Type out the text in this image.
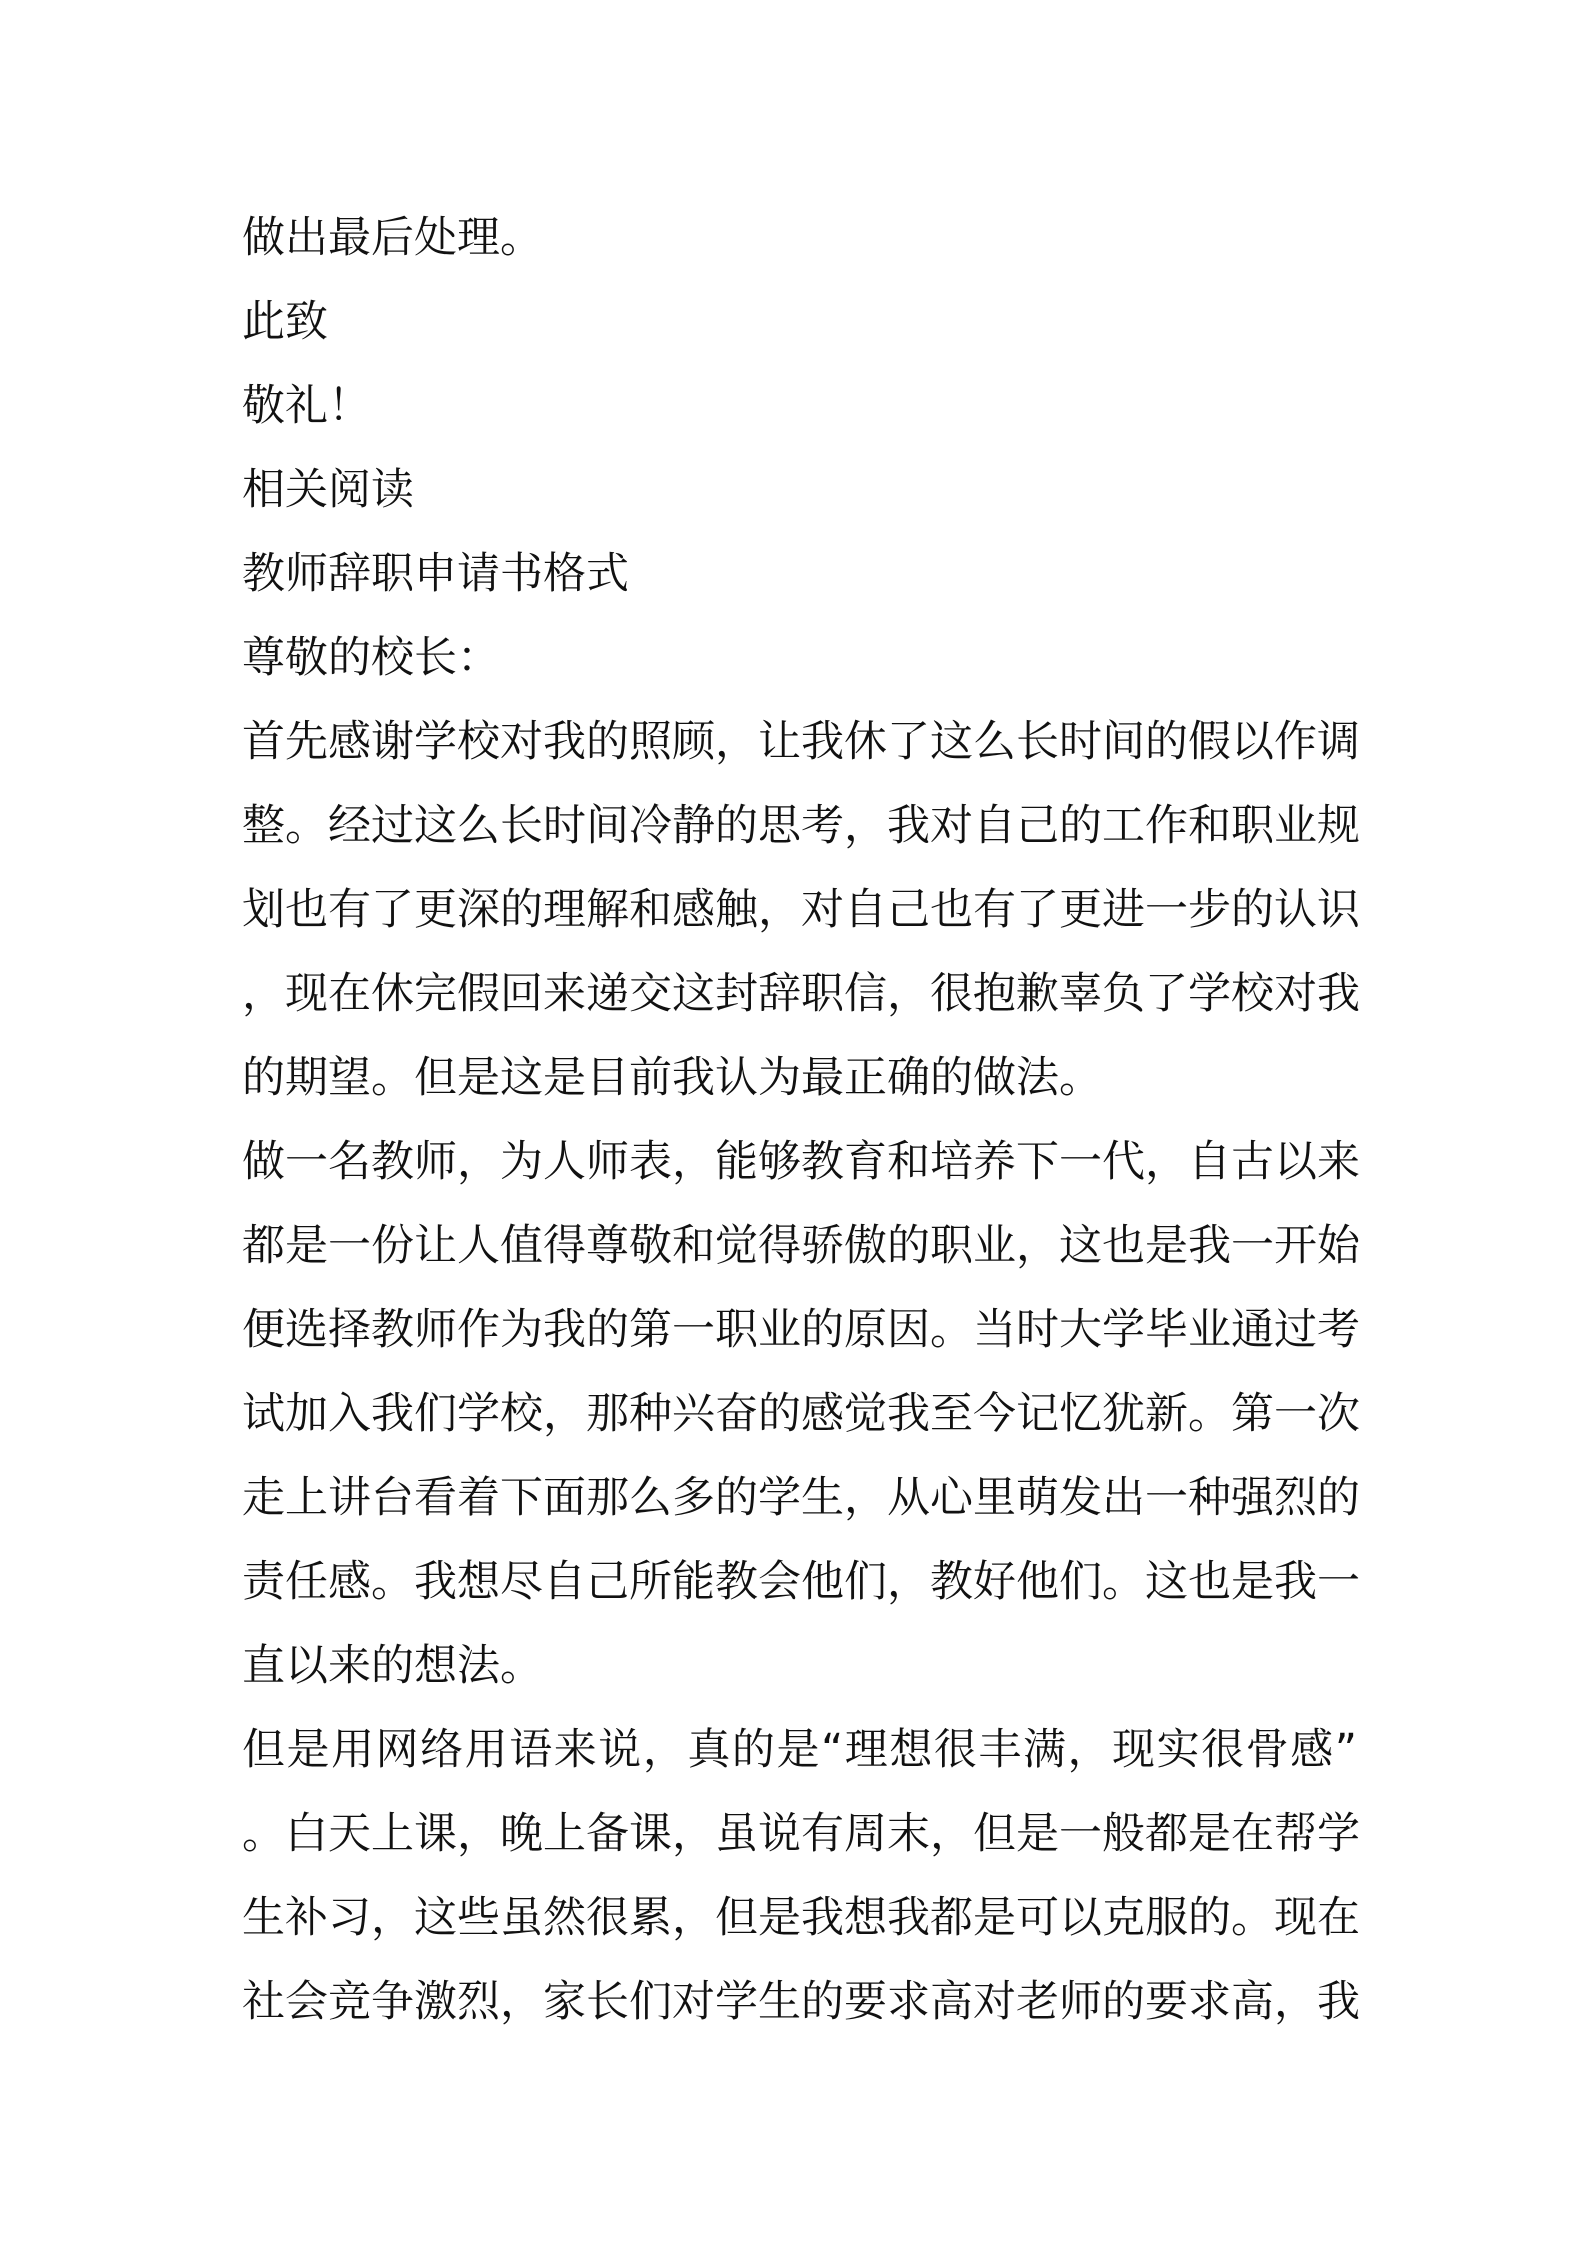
做出最后处理。

此致

敬礼！

相关阅读

教师辞职申请书格式

尊敬的校长：

首先感谢学校对我的照顾，让我休了这么长时间的假以作调

整。经过这么长时间冷静的思考，我对自己的工作和职业规

划也有了更深的理解和感触，对自己也有了更进一步的认识

，现在休完假回来递交这封辞职信，很抱歉辜负了学校对我

的期望。但是这是目前我认为最正确的做法。

做一名教师，为人师表，能够教育和培养下一代，自古以来

都是一份让人值得尊敬和觉得骄傲的职业，这也是我一开始

便选择教师作为我的第一职业的原因。当时大学毕业通过考

试加入我们学校，那种兴奋的感觉我至今记忆犹新。第一次

走上讲台看着下面那么多的学生，从心里萌发出一种强烈的

责任感。我想尽自己所能教会他们，教好他们。这也是我一

直以来的想法。

但是用网络用语来说，真的是“理想很丰满，现实很骨感”

。白天上课，晚上备课，虽说有周末，但是一般都是在帮学

生补习，这些虽然很累，但是我想我都是可以克服的。现在

社会竞争激烈，家长们对学生的要求高对老师的要求高，我
